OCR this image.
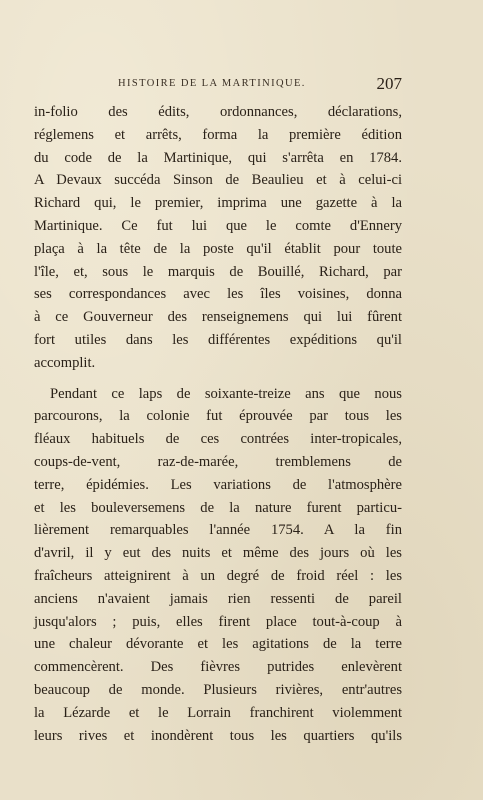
HISTOIRE DE LA MARTINIQUE.	207
in-folio des édits, ordonnances, déclarations,
réglemens et arrêts, forma la première édition
du code de la Martinique, qui s'arrêta en 1784.
A Devaux succéda Sinson de Beaulieu et à celui-ci
Richard qui, le premier, imprima une gazette à la
Martinique. Ce fut lui que le comte d'Ennery
plaça à la tête de la poste qu'il établit pour toute
l'île, et, sous le marquis de Bouillé, Richard, par
ses correspondances avec les îles voisines, donna
à ce Gouverneur des renseignemens qui lui fûrent
fort utiles dans les différentes expéditions qu'il
accomplit.
Pendant ce laps de soixante-treize ans que nous
parcourons, la colonie fut éprouvée par tous les
fléaux habituels de ces contrées inter-tropicales,
coups-de-vent, raz-de-marée, tremblemens de
terre, épidémies. Les variations de l'atmosphère
et les bouleversemens de la nature furent particu-
lièrement remarquables l'année 1754. A la fin
d'avril, il y eut des nuits et même des jours où les
fraîcheurs atteignirent à un degré de froid réel : les
anciens n'avaient jamais rien ressenti de pareil
jusqu'alors ; puis, elles firent place tout-à-coup à
une chaleur dévorante et les agitations de la terre
commencèrent. Des fièvres putrides enlevèrent
beaucoup de monde. Plusieurs rivières, entr'autres
la Lézarde et le Lorrain franchirent violemment
leurs rives et inondèrent tous les quartiers qu'ils
